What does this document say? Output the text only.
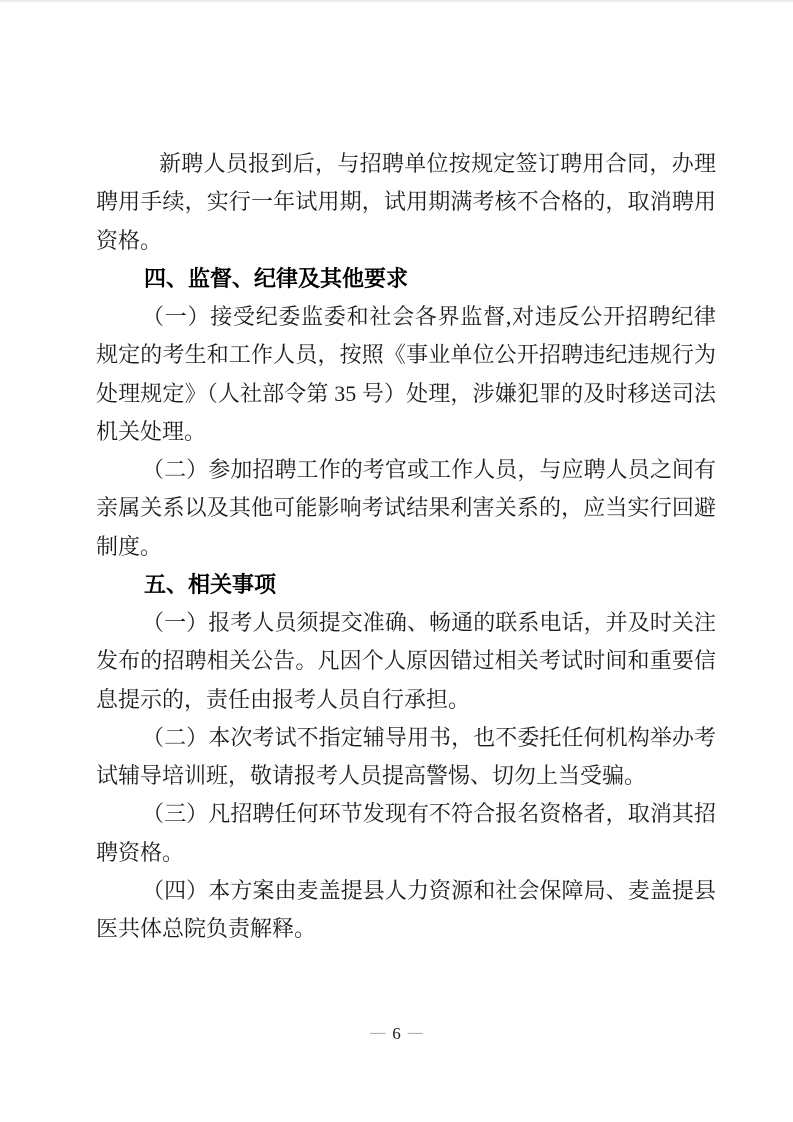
新聘人员报到后，与招聘单位按规定签订聘用合同，办理聘用手续，实行一年试用期，试用期满考核不合格的，取消聘用资格。

四、监督、纪律及其他要求

（一）接受纪委监委和社会各界监督,对违反公开招聘纪律规定的考生和工作人员，按照《事业单位公开招聘违纪违规行为处理规定》（人社部令第 35 号）处理，涉嫌犯罪的及时移送司法机关处理。

（二）参加招聘工作的考官或工作人员，与应聘人员之间有亲属关系以及其他可能影响考试结果利害关系的，应当实行回避制度。

五、相关事项

（一）报考人员须提交准确、畅通的联系电话，并及时关注发布的招聘相关公告。凡因个人原因错过相关考试时间和重要信息提示的，责任由报考人员自行承担。

（二）本次考试不指定辅导用书，也不委托任何机构举办考试辅导培训班，敬请报考人员提高警惕、切勿上当受骗。

（三）凡招聘任何环节发现有不符合报名资格者，取消其招聘资格。

（四）本方案由麦盖提县人力资源和社会保障局、麦盖提县医共体总院负责解释。

— 6 —
